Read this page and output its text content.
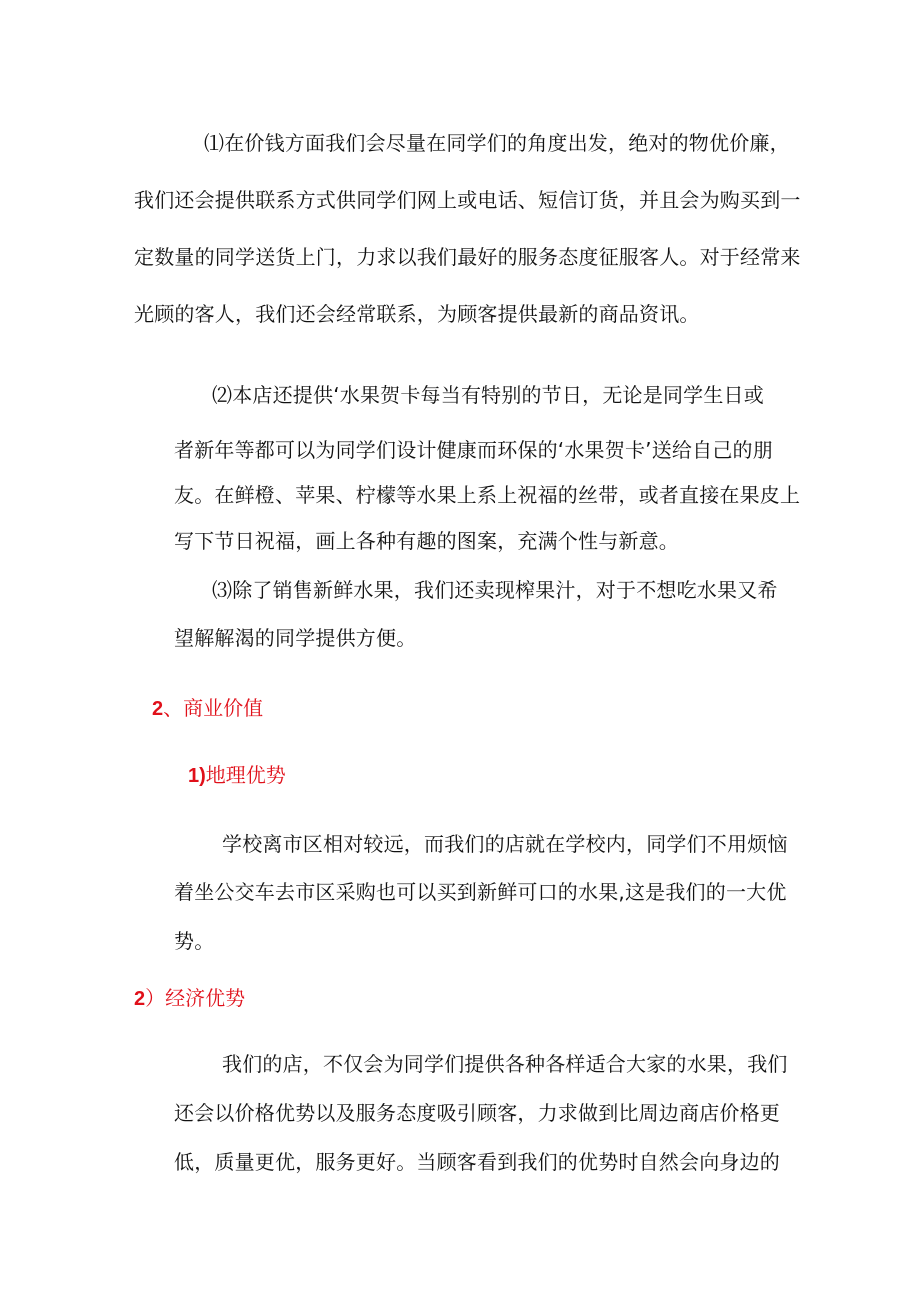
⑴在价钱方面我们会尽量在同学们的角度出发，绝对的物优价廉，
我们还会提供联系方式供同学们网上或电话、短信订货，并且会为购买到一
定数量的同学送货上门，力求以我们最好的服务态度征服客人。对于经常来
光顾的客人，我们还会经常联系，为顾客提供最新的商品资讯。
⑵本店还提供‘水果贺卡每当有特别的节日，无论是同学生日或
者新年等都可以为同学们设计健康而环保的‘水果贺卡’送给自己的朋
友。在鲜橙、苹果、柠檬等水果上系上祝福的丝带，或者直接在果皮上
写下节日祝福，画上各种有趣的图案，充满个性与新意。
⑶除了销售新鲜水果，我们还卖现榨果汁，对于不想吃水果又希
望解解渴的同学提供方便。
2、商业价值
1)地理优势
学校离市区相对较远，而我们的店就在学校内，同学们不用烦恼
着坐公交车去市区采购也可以买到新鲜可口的水果,这是我们的一大优
势。
2）经济优势
我们的店，不仅会为同学们提供各种各样适合大家的水果，我们
还会以价格优势以及服务态度吸引顾客，力求做到比周边商店价格更
低，质量更优，服务更好。当顾客看到我们的优势时自然会向身边的
